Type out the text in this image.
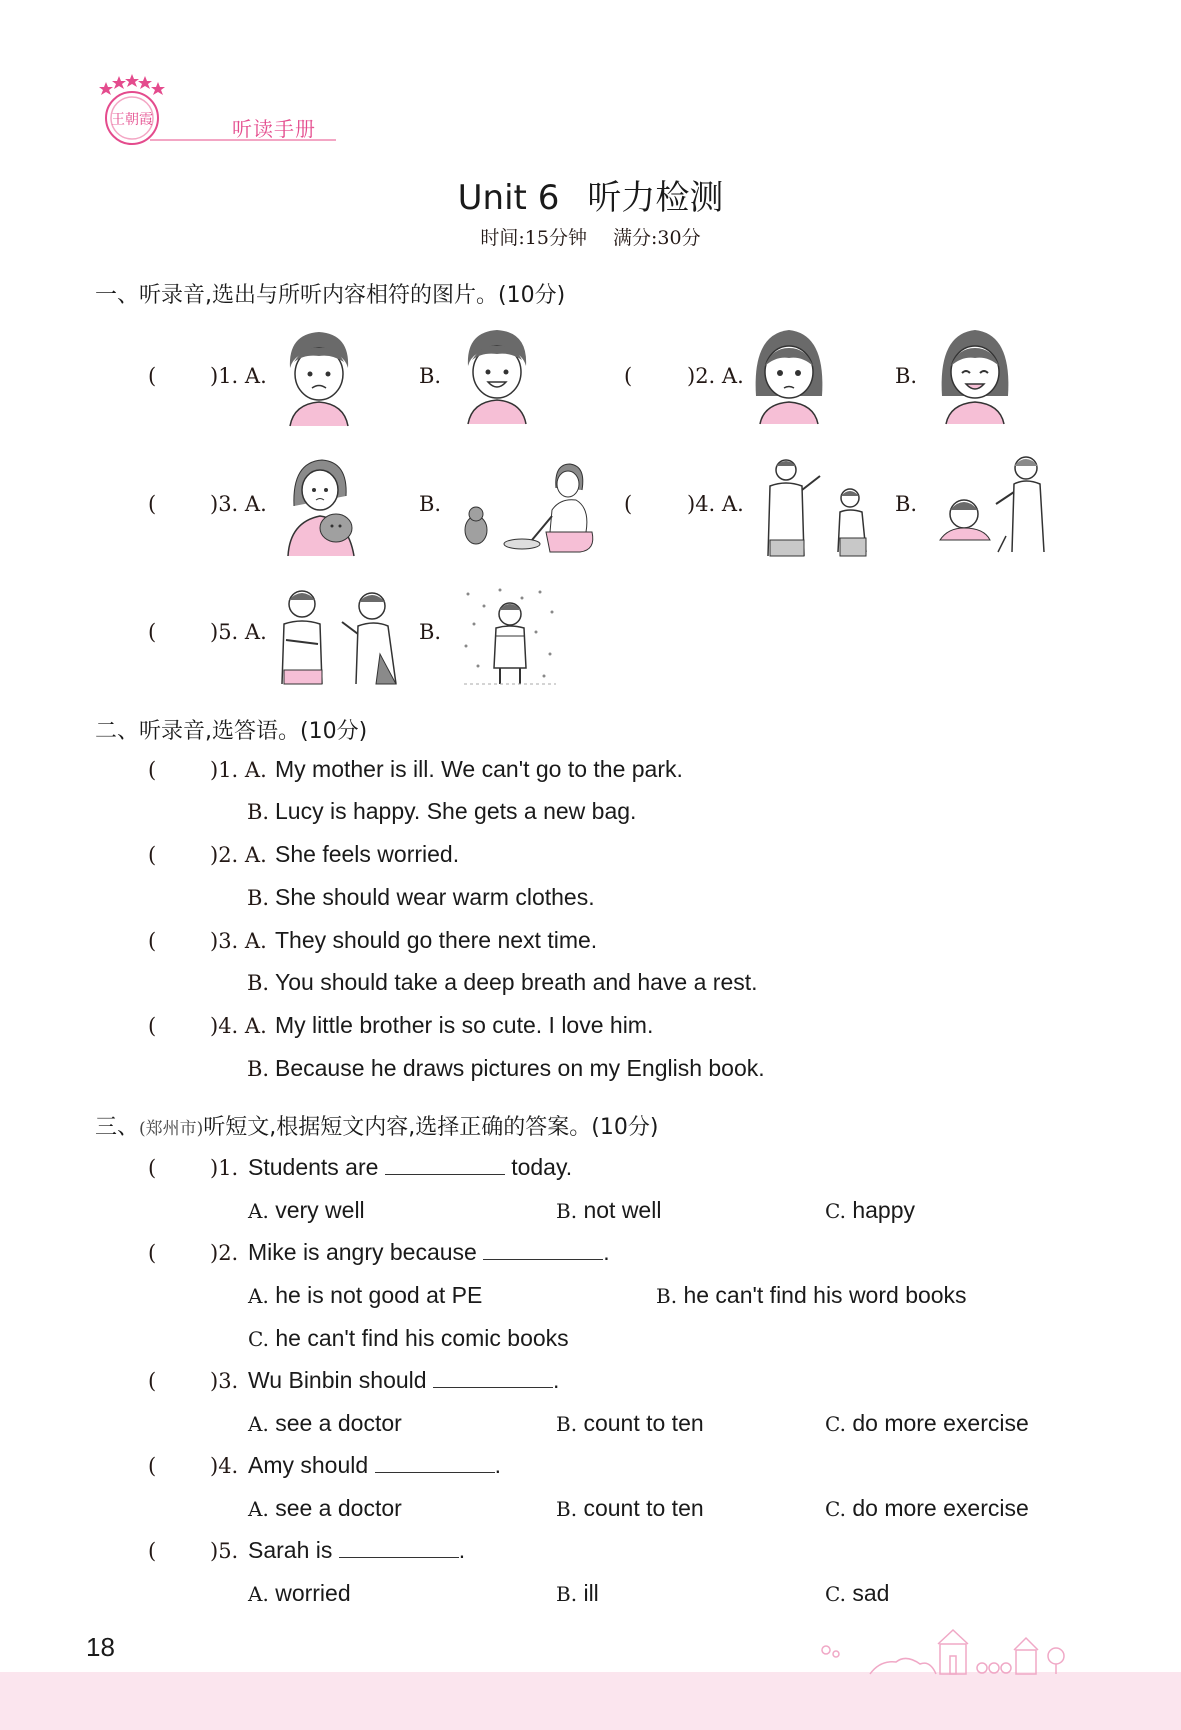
王朝霞	听读手册
Unit 6 听力检测
时间:15分钟 满分:30分
一、听录音,选出与所听内容相符的图片。(10分)
(	)1. A.	B.	(	)2. A.	B.
(	)3. A.	B.	(	)4. A.	B.
(	)5. A.	B.
二、听录音,选答语。(10分)
(	)1. A. My mother is ill. We can't go to the park.
B. Lucy is happy. She gets a new bag.
(	)2. A. She feels worried.
B. She should wear warm clothes.
(	)3. A. They should go there next time.
B. You should take a deep breath and have a rest.
(	)4. A. My little brother is so cute. I love him.
B. Because he draws pictures on my English book.
三、(郑州市)听短文,根据短文内容,选择正确的答案。(10分)
(	)1. Students are	today.
A. very well	B. not well	C. happy
(	)2. Mike is angry because	.
A. he is not good at PE	B. he can't find his word books
C. he can't find his comic books
(	)3. Wu Binbin should	.
A. see a doctor	B. count to ten	C. do more exercise
(	)4. Amy should	.
A. see a doctor	B. count to ten	C. do more exercise
(	)5. Sarah is	.
A. worried	B. ill	C. sad
18
